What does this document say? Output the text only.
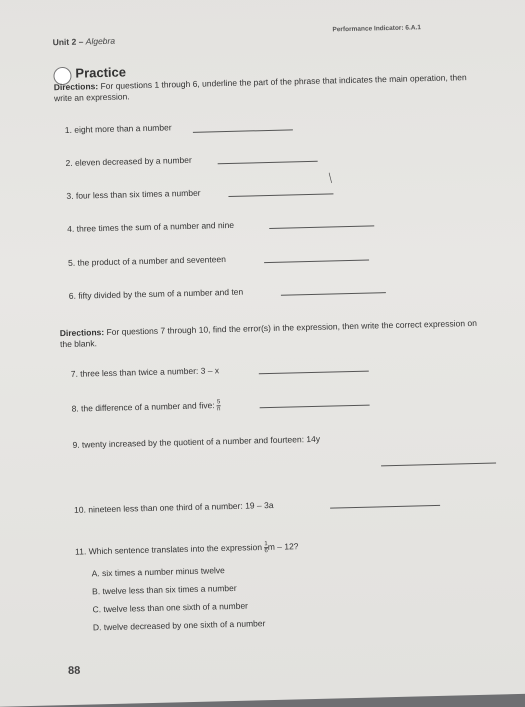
Unit 2 – Algebra
Performance Indicator: 6.A.1
Practice
Directions: For questions 1 through 6, underline the part of the phrase that indicates the main operation, then write an expression.
1. eight more than a number
2. eleven decreased by a number
3. four less than six times a number
╱
4. three times the sum of a number and nine
5. the product of a number and seventeen
6. fifty divided by the sum of a number and ten
Directions: For questions 7 through 10, find the error(s) in the expression, then write the correct expression on the blank.
7. three less than twice a number: 3 – x
8. the difference of a number and five: $\frac{5}{n}$
9. twenty increased by the quotient of a number and fourteen: 14y
10. nineteen less than one third of a number: 19 – 3a
11. Which sentence translates into the expression $\frac{1}{6}$ m – 12?
A. six times a number minus twelve
B. twelve less than six times a number
C. twelve less than one sixth of a number
D. twelve decreased by one sixth of a number
88
